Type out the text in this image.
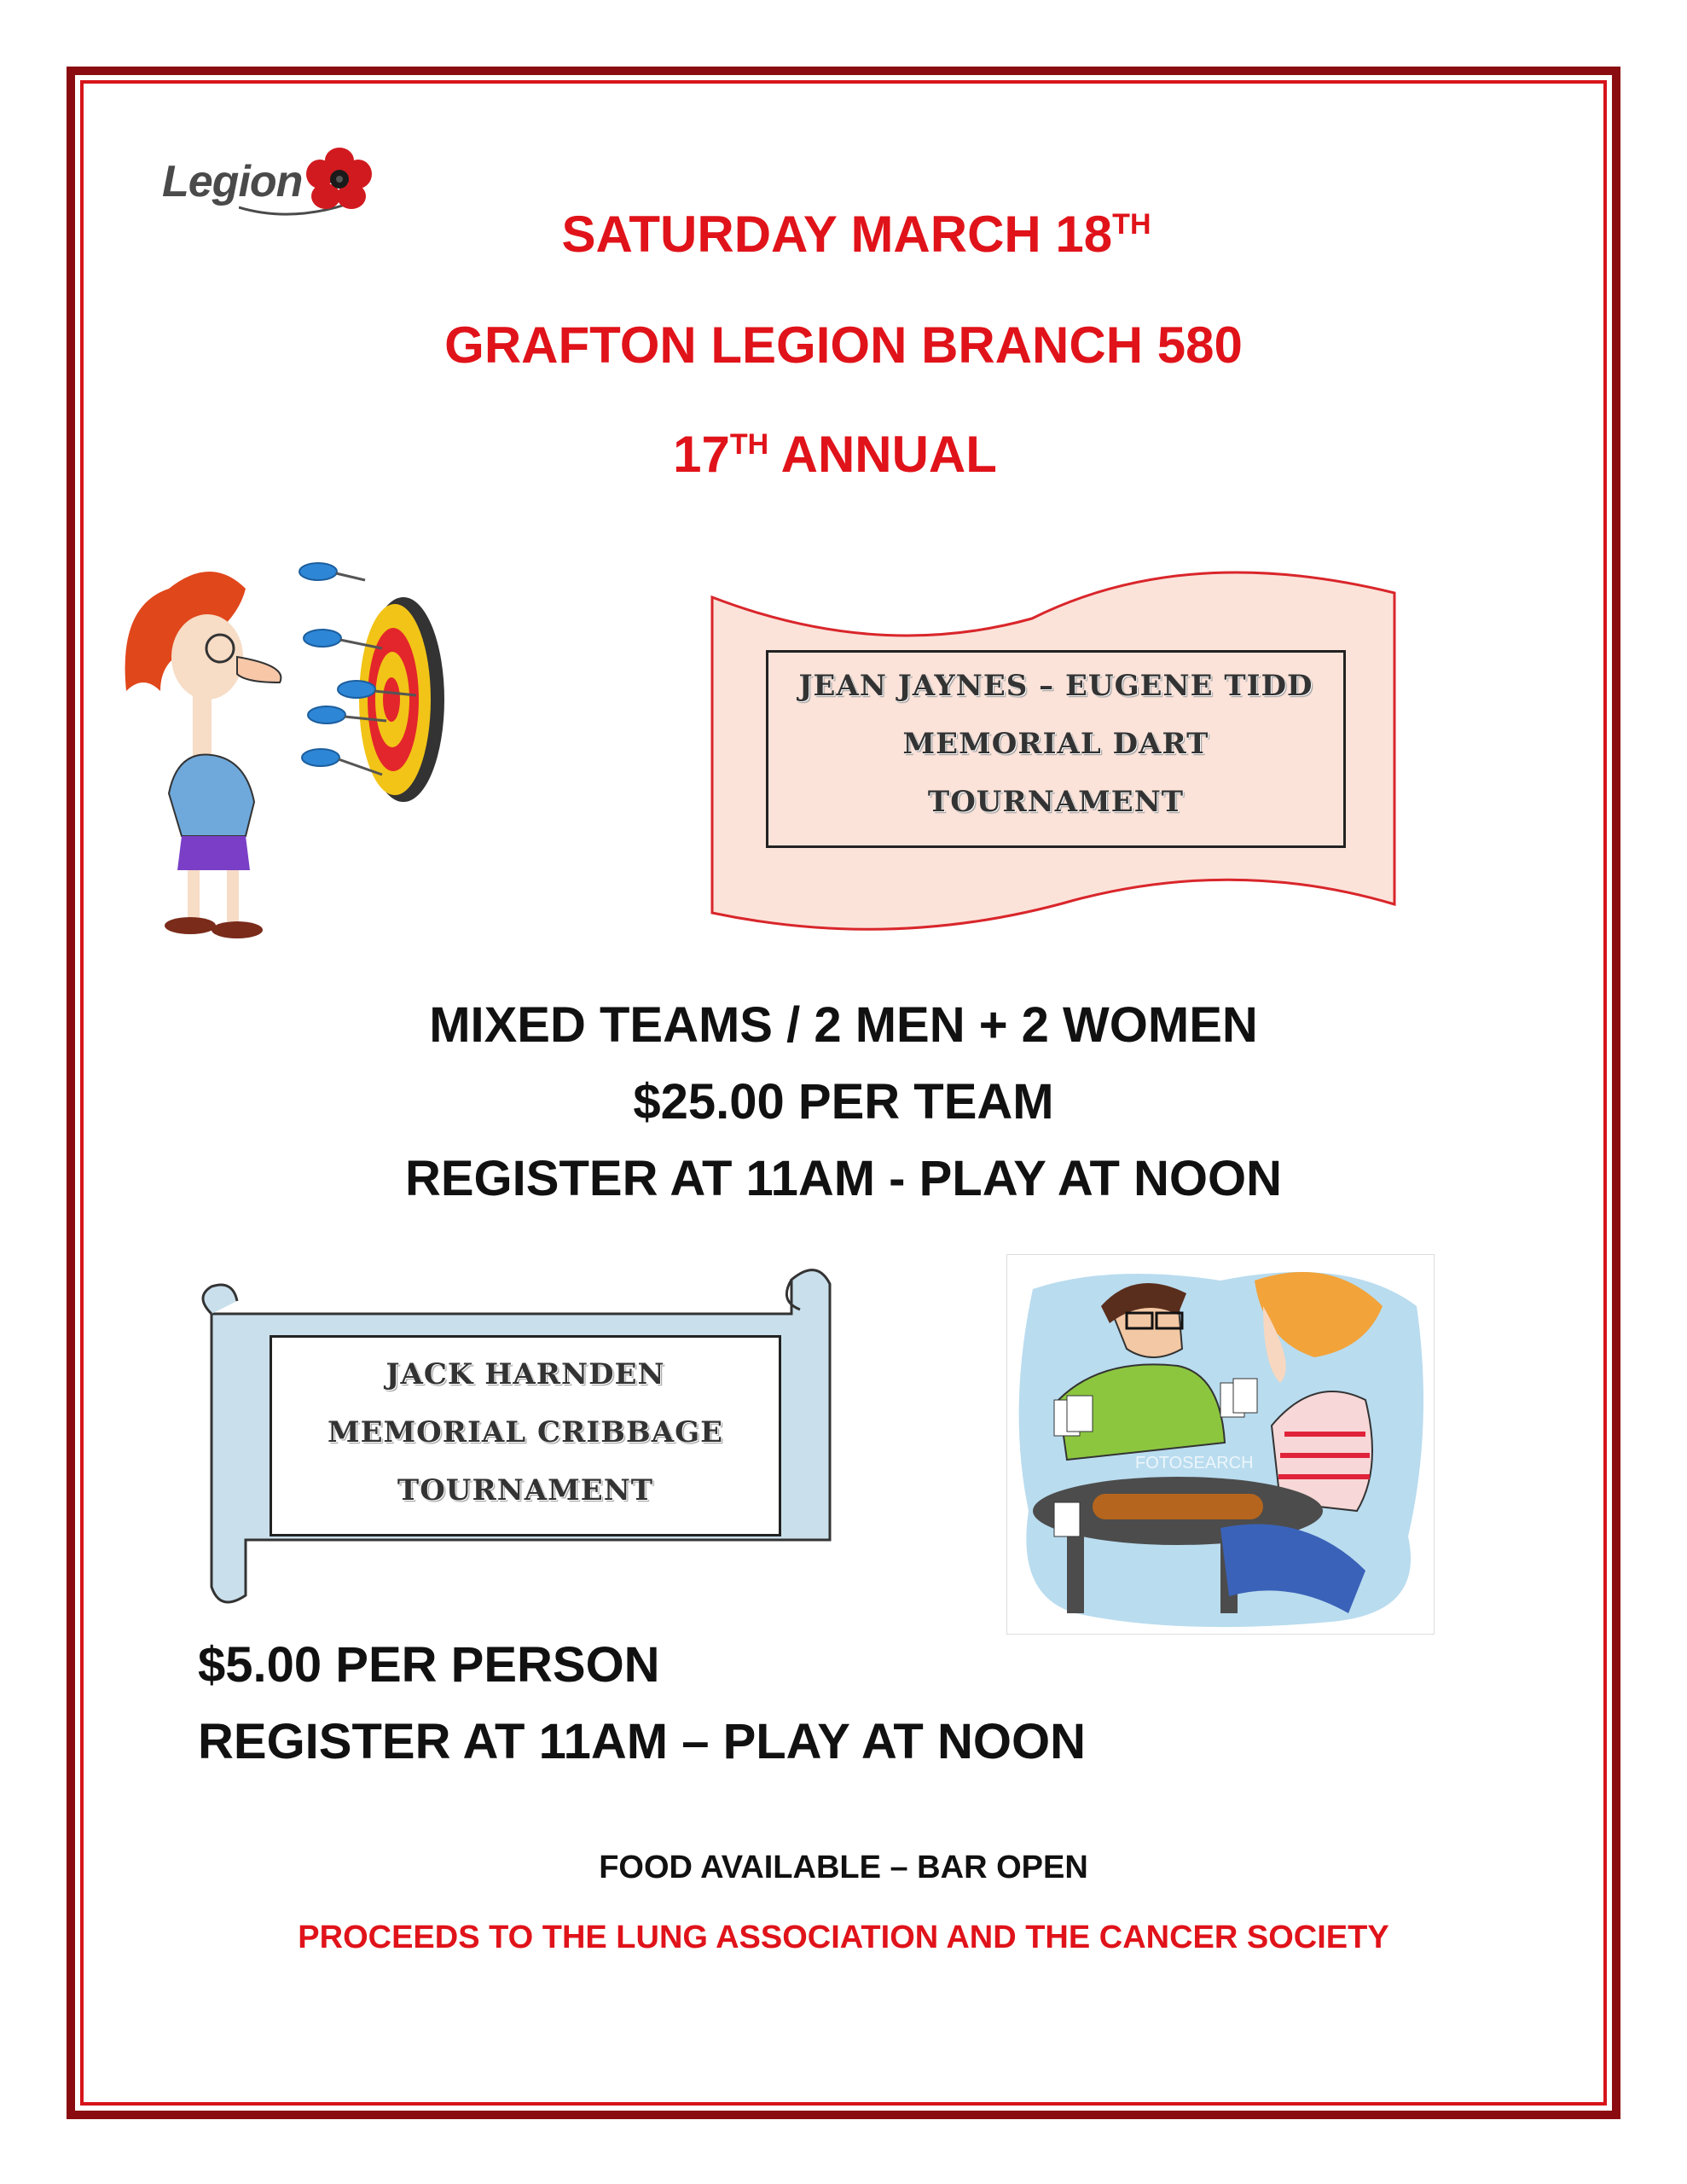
Legion
SATURDAY MARCH 18TH
GRAFTON LEGION BRANCH 580
17TH ANNUAL
JEAN JAYNES – EUGENE TIDD
MEMORIAL DART
TOURNAMENT
MIXED TEAMS / 2 MEN + 2 WOMEN
$25.00 PER TEAM
REGISTER AT 11AM - PLAY AT NOON
JACK HARNDEN
MEMORIAL CRIBBAGE
TOURNAMENT
FOTOSEARCH
$5.00 PER PERSON
REGISTER AT 11AM – PLAY AT NOON
FOOD AVAILABLE – BAR OPEN
PROCEEDS TO THE LUNG ASSOCIATION AND THE CANCER SOCIETY
